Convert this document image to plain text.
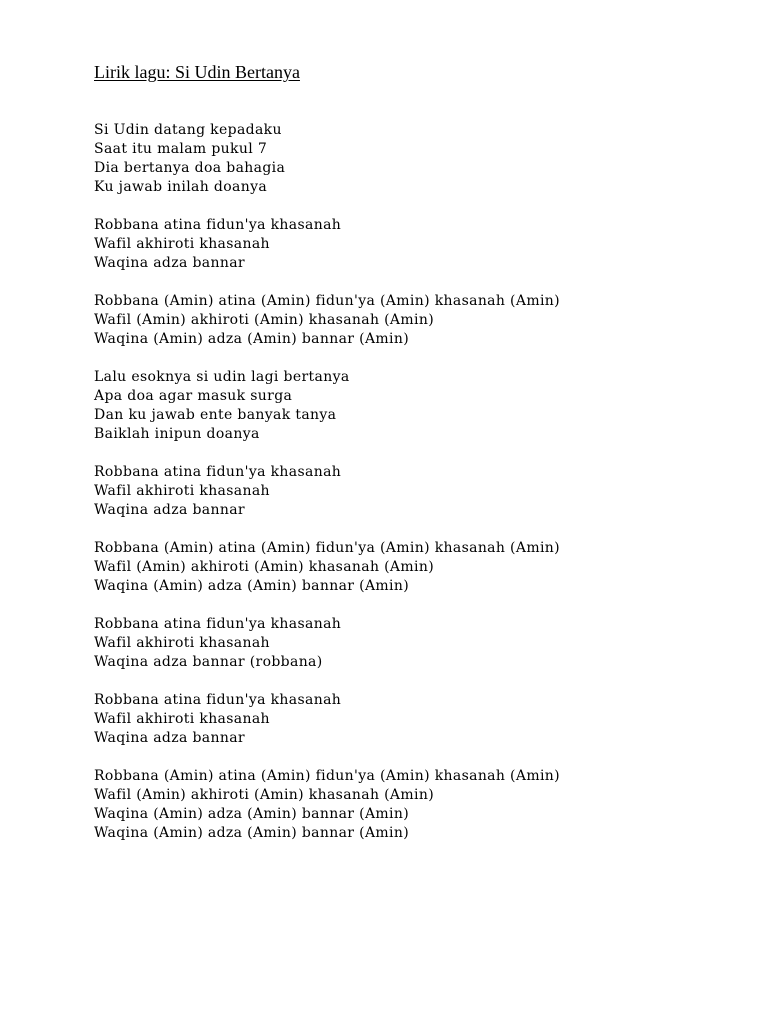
Lirik lagu: Si Udin Bertanya
Si Udin datang kepadaku
Saat itu malam pukul 7
Dia bertanya doa bahagia
Ku jawab inilah doanya
Robbana atina fidun'ya khasanah
Wafil akhiroti khasanah
Waqina adza bannar
Robbana (Amin) atina (Amin) fidun'ya (Amin) khasanah (Amin)
Wafil (Amin) akhiroti (Amin) khasanah (Amin)
Waqina (Amin) adza (Amin) bannar (Amin)
Lalu esoknya si udin lagi bertanya
Apa doa agar masuk surga
Dan ku jawab ente banyak tanya
Baiklah inipun doanya
Robbana atina fidun'ya khasanah
Wafil akhiroti khasanah
Waqina adza bannar
Robbana (Amin) atina (Amin) fidun'ya (Amin) khasanah (Amin)
Wafil (Amin) akhiroti (Amin) khasanah (Amin)
Waqina (Amin) adza (Amin) bannar (Amin)
Robbana atina fidun'ya khasanah
Wafil akhiroti khasanah
Waqina adza bannar (robbana)
Robbana atina fidun'ya khasanah
Wafil akhiroti khasanah
Waqina adza bannar
Robbana (Amin) atina (Amin) fidun'ya (Amin) khasanah (Amin)
Wafil (Amin) akhiroti (Amin) khasanah (Amin)
Waqina (Amin) adza (Amin) bannar (Amin)
Waqina (Amin) adza (Amin) bannar (Amin)
